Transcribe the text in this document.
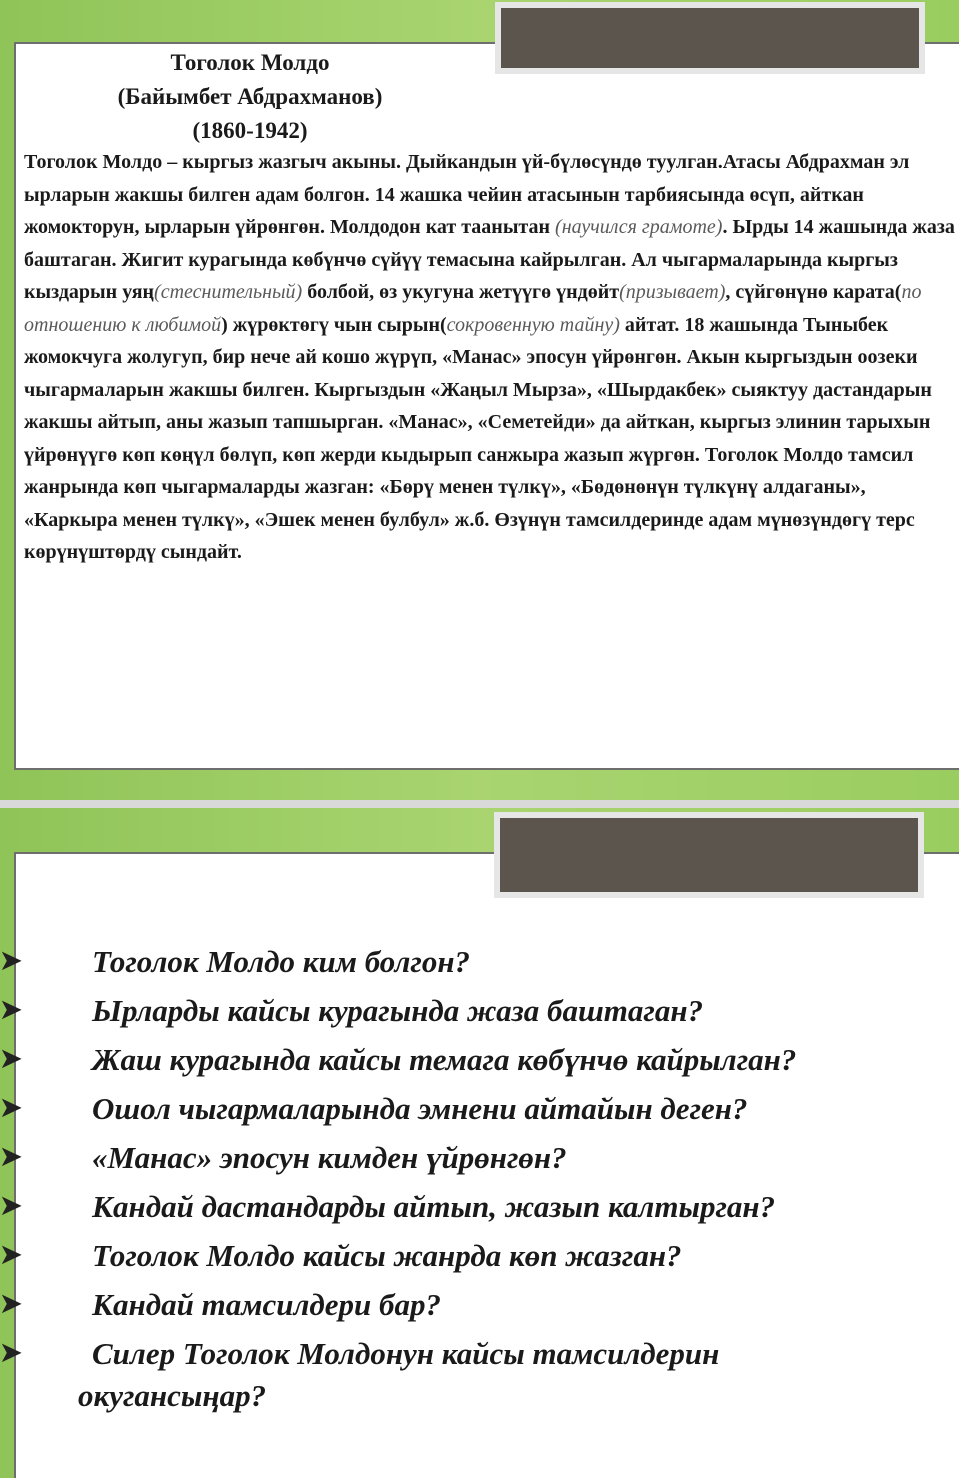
Тоголок Молдо
(Байымбет Абдрахманов)
(1860-1942)
Тоголок Молдо – кыргыз жазгыч акыны. Дыйкандын үй-бүлөсүндө туулган.Атасы Абдрахман эл ырларын жакшы билген адам болгон. 14 жашка чейин атасынын тарбиясында өсүп, айткан жомокторун, ырларын үйрөнгөн. Молдодон кат таанытан (научился грамоте). Ырды 14 жашында жаза баштаган. Жигит курагында көбүнчө сүйүү темасына кайрылган. Ал чыгармаларында кыргыз кыздарын уяң(стеснительный) болбой, өз укугуна жетүүгө үндөйт(призывает), сүйгөнүнө карата(по отношению к любимой) жүрөктөгү чын сырын(сокровенную тайну) айтат. 18 жашында Тыныбек жомокчуга жолугуп, бир нече ай кошо жүрүп, «Манас» эпосун үйрөнгөн. Акын кыргыздын оозеки чыгармаларын жакшы билген. Кыргыздын «Жаңыл Мырза», «Шырдакбек» сыяктуу дастандарын жакшы айтып, аны жазып тапшырган. «Манас», «Семетейди» да айткан, кыргыз элинин тарыхын үйрөнүүгө көп көңүл бөлүп, көп жерди кыдырып санжыра жазып жүргөн. Тоголок Молдо тамсил жанрында көп чыгармаларды жазган: «Бөрү менен түлкү», «Бөдөнөнүн түлкүнү алдаганы», «Каркыра менен түлкү», «Эшек менен булбул» ж.б. Өзүнүн тамсилдеринде адам мүнөзүндөгү терс көрүнүштөрдү сындайт.
➤ Тоголок Молдо ким болгон?
➤ Ырларды кайсы курагында жаза баштаган?
➤ Жаш курагында кайсы темага көбүнчө кайрылган?
➤ Ошол чыгармаларында эмнени айтайын деген?
➤ «Манас» эпосун кимден үйрөнгөн?
➤ Кандай дастандарды айтып, жазып калтырган?
➤ Тоголок Молдо кайсы жанрда көп жазган?
➤ Кандай тамсилдери бар?
➤ Силер Тоголок Молдонун кайсы тамсилдерин
окугансыңар?
